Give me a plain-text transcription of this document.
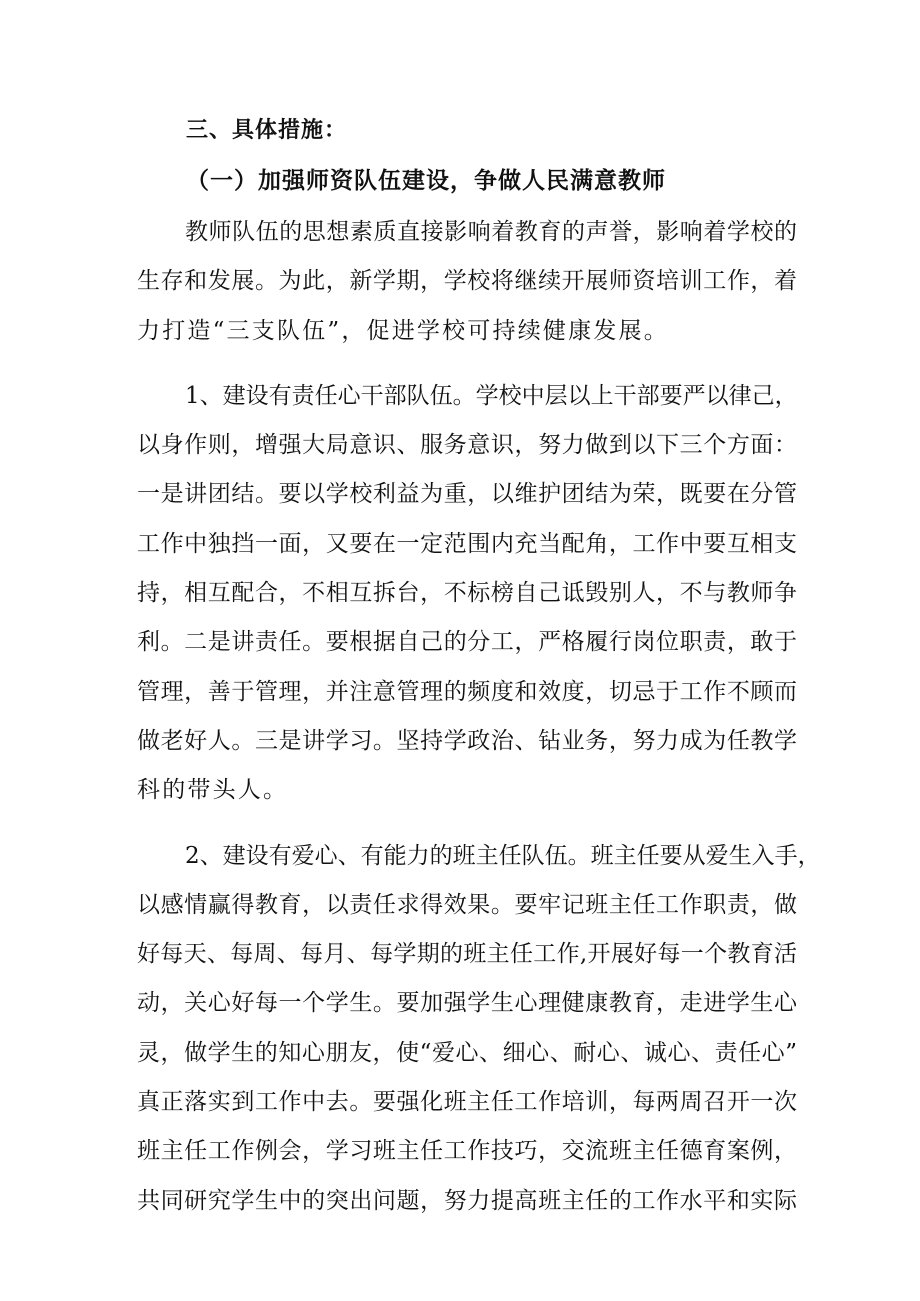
三、具体措施：
（一）加强师资队伍建设，争做人民满意教师
教师队伍的思想素质直接影响着教育的声誉，影响着学校的
生存和发展。为此，新学期，学校将继续开展师资培训工作，着
力打造“三支队伍”，促进学校可持续健康发展。
1、建设有责任心干部队伍。学校中层以上干部要严以律己，
以身作则，增强大局意识、服务意识，努力做到以下三个方面：
一是讲团结。要以学校利益为重，以维护团结为荣，既要在分管
工作中独挡一面，又要在一定范围内充当配角，工作中要互相支
持，相互配合，不相互拆台，不标榜自己诋毁别人，不与教师争
利。二是讲责任。要根据自己的分工，严格履行岗位职责，敢于
管理，善于管理，并注意管理的频度和效度，切忌于工作不顾而
做老好人。三是讲学习。坚持学政治、钻业务，努力成为任教学
科的带头人。
2、建设有爱心、有能力的班主任队伍。班主任要从爱生入手，
以感情赢得教育，以责任求得效果。要牢记班主任工作职责，做
好每天、每周、每月、每学期的班主任工作,开展好每一个教育活
动，关心好每一个学生。要加强学生心理健康教育，走进学生心
灵，做学生的知心朋友，使“爱心、细心、耐心、诚心、责任心”
真正落实到工作中去。要强化班主任工作培训，每两周召开一次
班主任工作例会，学习班主任工作技巧，交流班主任德育案例，
共同研究学生中的突出问题，努力提高班主任的工作水平和实际
